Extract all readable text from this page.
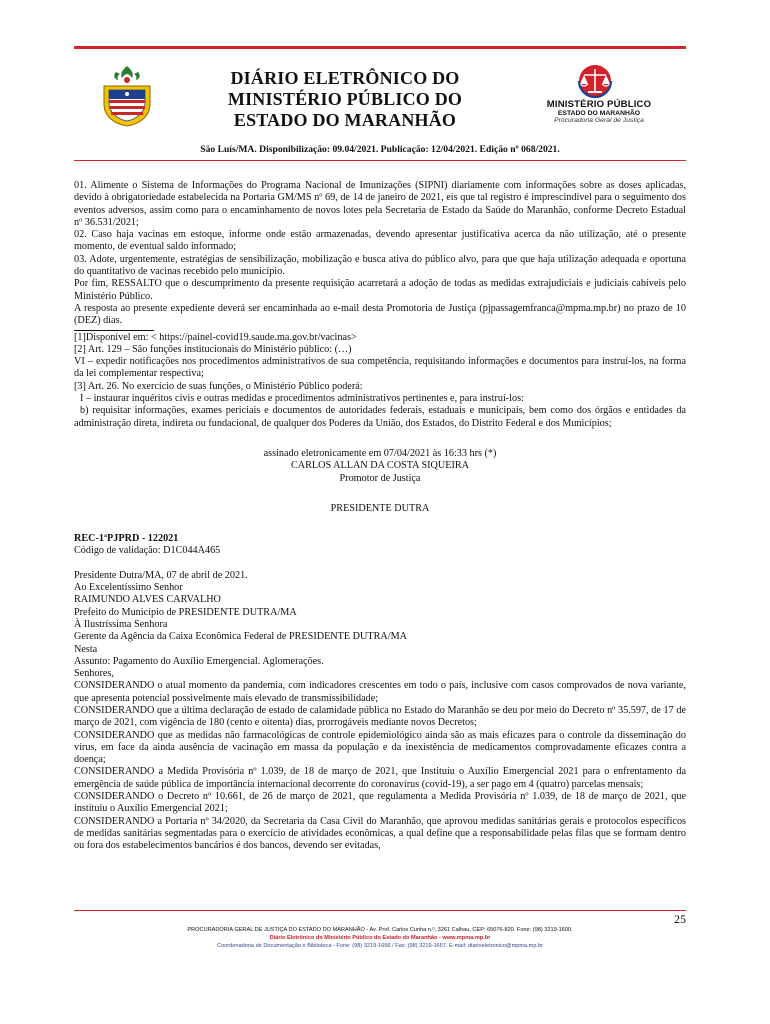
DIÁRIO ELETRÔNICO DO
MINISTÉRIO PÚBLICO DO
ESTADO DO MARANHÃO
MINISTÉRIO PÚBLICO
ESTADO DO MARANHÃO
Procuradoria Geral de Justiça
São Luís/MA. Disponibilização: 09.04/2021. Publicação: 12/04/2021. Edição nº 068/2021.

01. Alimente o Sistema de Informações do Programa Nacional de Imunizações (SIPNI) diariamente com informações sobre as doses aplicadas, devido à obrigatoriedade estabelecida na Portaria GM/MS nº 69, de 14 de janeiro de 2021, eis que tal registro é imprescindível para o seguimento dos eventos adversos, assim como para o encaminhamento de novos lotes pela Secretaria de Estado da Saúde do Maranhão, conforme Decreto Estadual nº 36.531/2021;

02. Caso haja vacinas em estoque, informe onde estão armazenadas, devendo apresentar justificativa acerca da não utilização, até o presente momento, de eventual saldo informado;

03. Adote, urgentemente, estratégias de sensibilização, mobilização e busca ativa do público alvo, para que que haja utilização adequada e oportuna do quantitativo de vacinas recebido pelo município.

Por fim, RESSALTO que o descumprimento da presente requisição acarretará a adoção de todas as medidas extrajudiciais e judiciais cabíveis pelo Ministério Público.

A resposta ao presente expediente deverá ser encaminhada ao e-mail desta Promotoria de Justiça (pjpassagemfranca@mpma.mp.br) no prazo de 10 (DEZ) dias.

[1]Disponível em: < https://painel-covid19.saude.ma.gov.br/vacinas>

[2] Art. 129 – São funções institucionais do Ministério público: (…)

VI – expedir notificações nos procedimentos administrativos de sua competência, requisitando informações e documentos para instruí-los, na forma da lei complementar respectiva;

[3] Art. 26. No exercício de suas funções, o Ministério Público poderá:

I – instaurar inquéritos civis e outras medidas e procedimentos administrativos pertinentes e, para instruí-los:

b) requisitar informações, exames periciais e documentos de autoridades federais, estaduais e municipais, bem como dos órgãos e entidades da administração direta, indireta ou fundacional, de qualquer dos Poderes da União, dos Estados, do Distrito Federal e dos Municípios;

assinado eletronicamente em 07/04/2021 às 16:33 hrs (*)

CARLOS ALLAN DA COSTA SIQUEIRA

Promotor de Justiça

PRESIDENTE DUTRA

REC-1ªPJPRD - 122021

Código de validação: D1C044A465

Presidente Dutra/MA, 07 de abril de 2021.

Ao Excelentíssimo Senhor

RAIMUNDO ALVES CARVALHO

Prefeito do Município de PRESIDENTE DUTRA/MA

À Ilustríssima Senhora

Gerente da Agência da Caixa Econômica Federal de PRESIDENTE DUTRA/MA

Nesta

Assunto: Pagamento do Auxílio Emergencial. Aglomerações.

Senhores,

CONSIDERANDO o atual momento da pandemia, com indicadores crescentes em todo o país, inclusive com casos comprovados de nova variante, que apresenta potencial possivelmente mais elevado de transmissibilidade;

CONSIDERANDO que a última declaração de estado de calamidade pública no Estado do Maranhão se deu por meio do Decreto nº 35.597, de 17 de março de 2021, com vigência de 180 (cento e oitenta) dias, prorrogáveis mediante novos Decretos;

CONSIDERANDO que as medidas não farmacológicas de controle epidemiológico ainda são as mais eficazes para o controle da disseminação do vírus, em face da ainda ausência de vacinação em massa da população e da inexistência de medicamentos comprovadamente eficazes contra a doença;

CONSIDERANDO a Medida Provisória nº 1.039, de 18 de março de 2021, que Instituiu o Auxílio Emergencial 2021 para o enfrentamento da emergência de saúde pública de importância internacional decorrente do coronavírus (covid-19), a ser pago em 4 (quatro) parcelas mensais;

CONSIDERANDO o Decreto nº 10.661, de 26 de março de 2021, que regulamenta a Medida Provisória nº 1.039, de 18 de março de 2021, que instituiu o Auxílio Emergencial 2021;

CONSIDERANDO a Portaria nº 34/2020, da Secretaria da Casa Civil do Maranhão, que aprovou medidas sanitárias gerais e protocolos específicos de medidas sanitárias segmentadas para o exercício de atividades econômicas, a qual define que a responsabilidade pelas filas que se formam dentro ou fora dos estabelecimentos bancários é dos bancos, devendo ser evitadas,

25
PROCURADORIA GERAL DE JUSTIÇA DO ESTADO DO MARANHÃO - Av. Prof. Carlos Cunha n.º, 3261 Calhau, CEP: 65076-820. Fone: (98) 3219-1600.
Diário Eletrônico do Ministério Público do Estado do Maranhão - www.mpma.mp.br
Coordenadoria de Documentação e Biblioteca - Fone: (98) 3219-1656 / Fax: (98) 3219-1657. E-mail: diarioeletronico@mpma.mp.br
